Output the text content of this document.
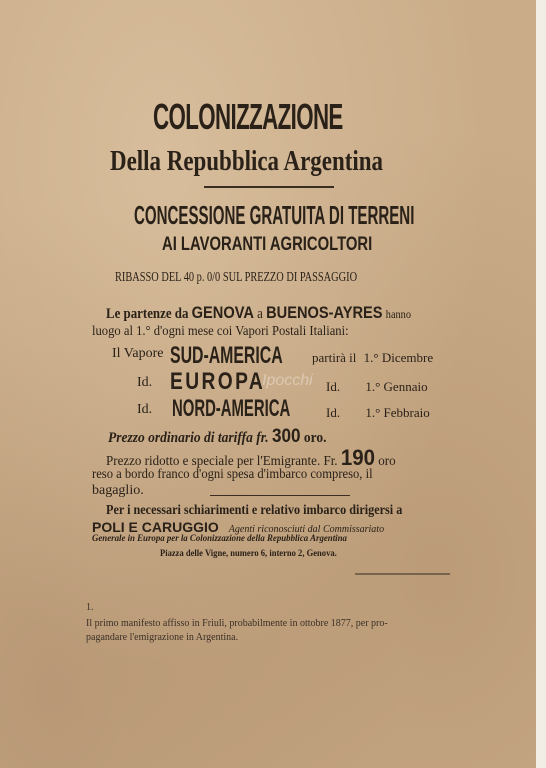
COLONIZZAZIONE
Della Repubblica Argentina
CONCESSIONE GRATUITA DI TERRENI
AI LAVORANTI AGRICOLTORI
RIBASSO DEL 40 p. 0/0 SUL PREZZO DI PASSAGGIO
Le partenze da GENOVA a BUENOS-AYRES hanno
luogo al 1.° d'ogni mese coi Vapori Postali Italiani:
Il Vapore SUD-AMERICA partirà il 1.° Dicembre
Id. EUROPA	Id. 1.° Gennaio
Id. NORD-AMERICA	Id. 1.° Febbraio
Prezzo ordinario di tariffa fr. 300 oro.
Prezzo ridotto e speciale per l'Emigrante. Fr. 190 oro
reso a bordo franco d'ogni spesa d'imbarco compreso, il
bagaglio.
Per i necessari schiarimenti e relativo imbarco dirigersi a
POLI E CARUGGIO Agenti riconosciuti dal Commissariato
Generale in Europa per la Colonizzazione della Repubblica Argentina
Piazza delle Vigne, numero 6, interno 2, Genova.
Ipocchi
1.
Il primo manifesto affisso in Friuli, probabilmente in ottobre 1877, per pro-
pagandare l'emigrazione in Argentina.
